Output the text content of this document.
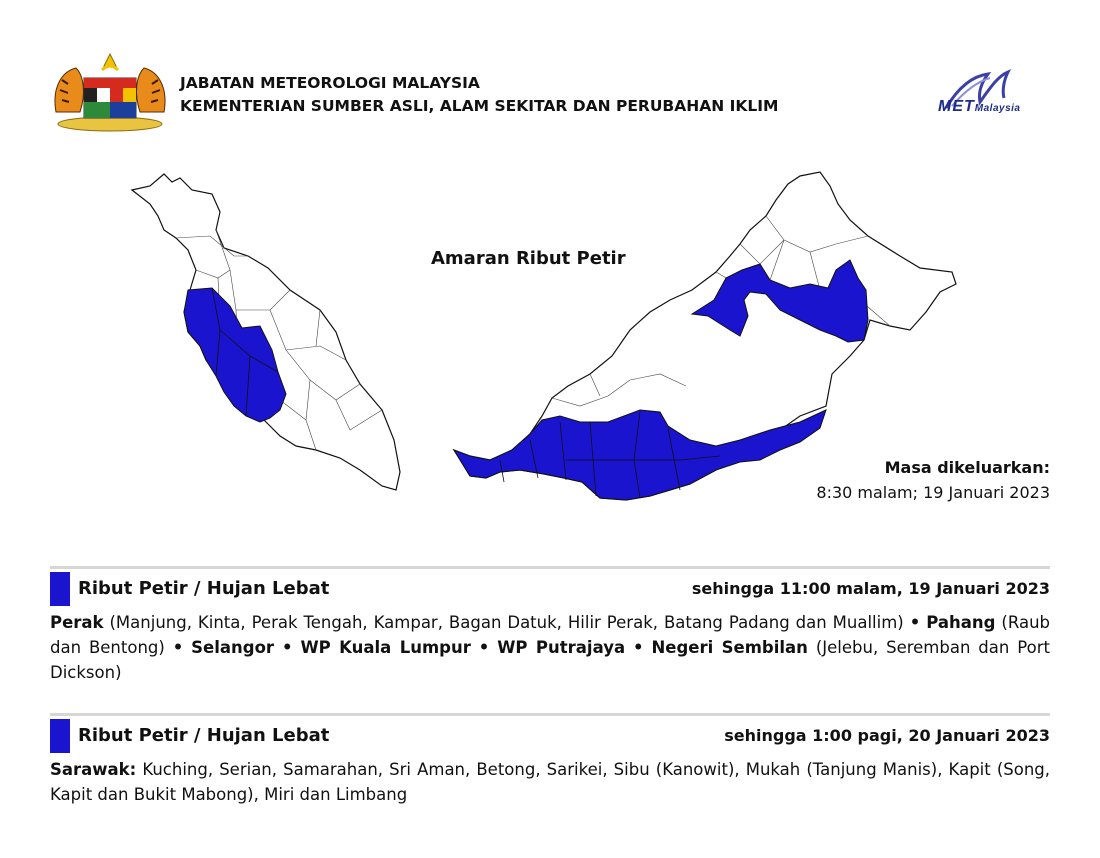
JABATAN METEOROLOGI MALAYSIA
KEMENTERIAN SUMBER ASLI, ALAM SEKITAR DAN PERUBAHAN IKLIM	METMalaysia
Amaran Ribut Petir
Masa dikeluarkan:
8:30 malam; 19 Januari 2023
Ribut Petir / Hujan Lebat	sehingga 11:00 malam, 19 Januari 2023
Perak (Manjung, Kinta, Perak Tengah, Kampar, Bagan Datuk, Hilir Perak, Batang Padang dan Muallim) • Pahang (Raub dan Bentong) • Selangor • WP Kuala Lumpur • WP Putrajaya • Negeri Sembilan (Jelebu, Seremban dan Port Dickson)
Ribut Petir / Hujan Lebat	sehingga 1:00 pagi, 20 Januari 2023
Sarawak: Kuching, Serian, Samarahan, Sri Aman, Betong, Sarikei, Sibu (Kanowit), Mukah (Tanjung Manis), Kapit (Song, Kapit dan Bukit Mabong), Miri dan Limbang
